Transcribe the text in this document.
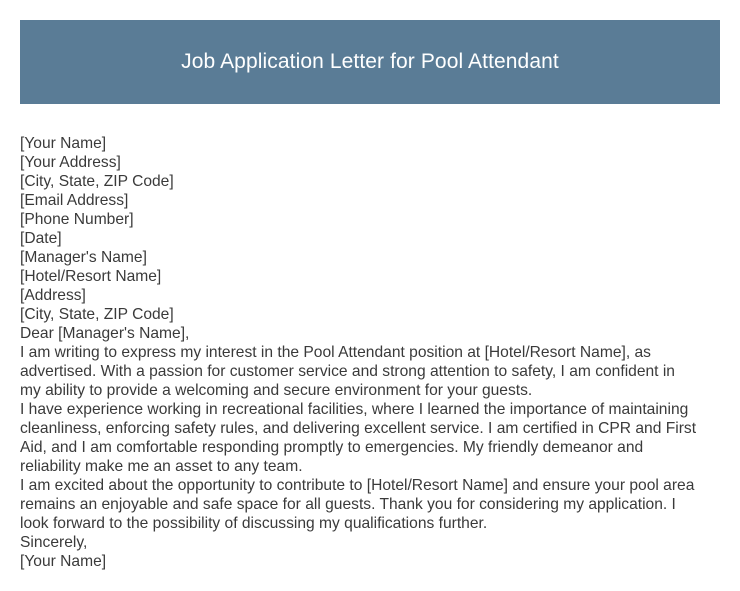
Job Application Letter for Pool Attendant
[Your Name]
[Your Address]
[City, State, ZIP Code]
[Email Address]
[Phone Number]
[Date]
[Manager's Name]
[Hotel/Resort Name]
[Address]
[City, State, ZIP Code]
Dear [Manager's Name],
I am writing to express my interest in the Pool Attendant position at [Hotel/Resort Name], as
advertised. With a passion for customer service and strong attention to safety, I am confident in
my ability to provide a welcoming and secure environment for your guests.
I have experience working in recreational facilities, where I learned the importance of maintaining
cleanliness, enforcing safety rules, and delivering excellent service. I am certified in CPR and First
Aid, and I am comfortable responding promptly to emergencies. My friendly demeanor and
reliability make me an asset to any team.
I am excited about the opportunity to contribute to [Hotel/Resort Name] and ensure your pool area
remains an enjoyable and safe space for all guests. Thank you for considering my application. I
look forward to the possibility of discussing my qualifications further.
Sincerely,
[Your Name]
